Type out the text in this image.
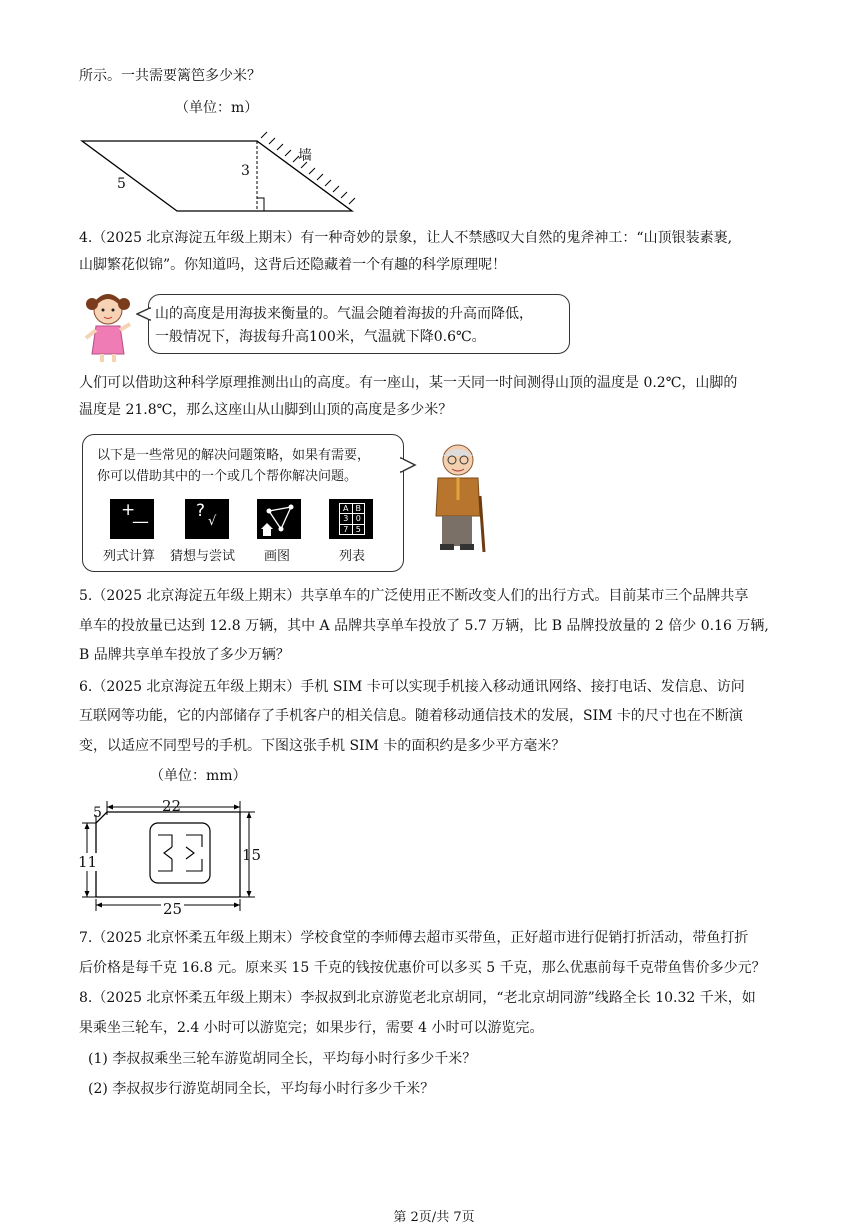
所示。一共需要篱笆多少米？
（单位：m）
5
3
墙
4.（2025 北京海淀五年级上期末）有一种奇妙的景象，让人不禁感叹大自然的鬼斧神工：“山顶银装素裹,
山脚繁花似锦”。你知道吗，这背后还隐藏着一个有趣的科学原理呢！
山的高度是用海拔来衡量的。气温会随着海拔的升高而降低，
一般情况下，海拔每升高100米，气温就下降0.6℃。
人们可以借助这种科学原理推测出山的高度。有一座山，某一天同一时间测得山顶的温度是 0.2℃，山脚的
温度是 21.8℃，那么这座山从山脚到山顶的高度是多少米？
以下是一些常见的解决问题策略，如果有需要，
你可以借助其中的一个或几个帮你解决问题。
+
—
?
√
A B
3 0
7 5
列式计算 猜想与尝试 画图	列表
5.（2025 北京海淀五年级上期末）共享单车的广泛使用正不断改变人们的出行方式。目前某市三个品牌共享
单车的投放量已达到 12.8 万辆，其中 A 品牌共享单车投放了 5.7 万辆，比 B 品牌投放量的 2 倍少 0.16 万辆,
B 品牌共享单车投放了多少万辆？
6.（2025 北京海淀五年级上期末）手机 SIM 卡可以实现手机接入移动通讯网络、接打电话、发信息、访问
互联网等功能，它的内部储存了手机客户的相关信息。随着移动通信技术的发展，SIM 卡的尺寸也在不断演
变，以适应不同型号的手机。下图这张手机 SIM 卡的面积约是多少平方毫米？
（单位：mm）
22
5
11	15
25
7.（2025 北京怀柔五年级上期末）学校食堂的李师傅去超市买带鱼，正好超市进行促销打折活动，带鱼打折
后价格是每千克 16.8 元。原来买 15 千克的钱按优惠价可以多买 5 千克，那么优惠前每千克带鱼售价多少元？
8.（2025 北京怀柔五年级上期末）李叔叔到北京游览老北京胡同，“老北京胡同游”线路全长 10.32 千米，如
果乘坐三轮车，2.4 小时可以游览完；如果步行，需要 4 小时可以游览完。
(1) 李叔叔乘坐三轮车游览胡同全长，平均每小时行多少千米？
(2) 李叔叔步行游览胡同全长，平均每小时行多少千米？
第 2页/共 7页
